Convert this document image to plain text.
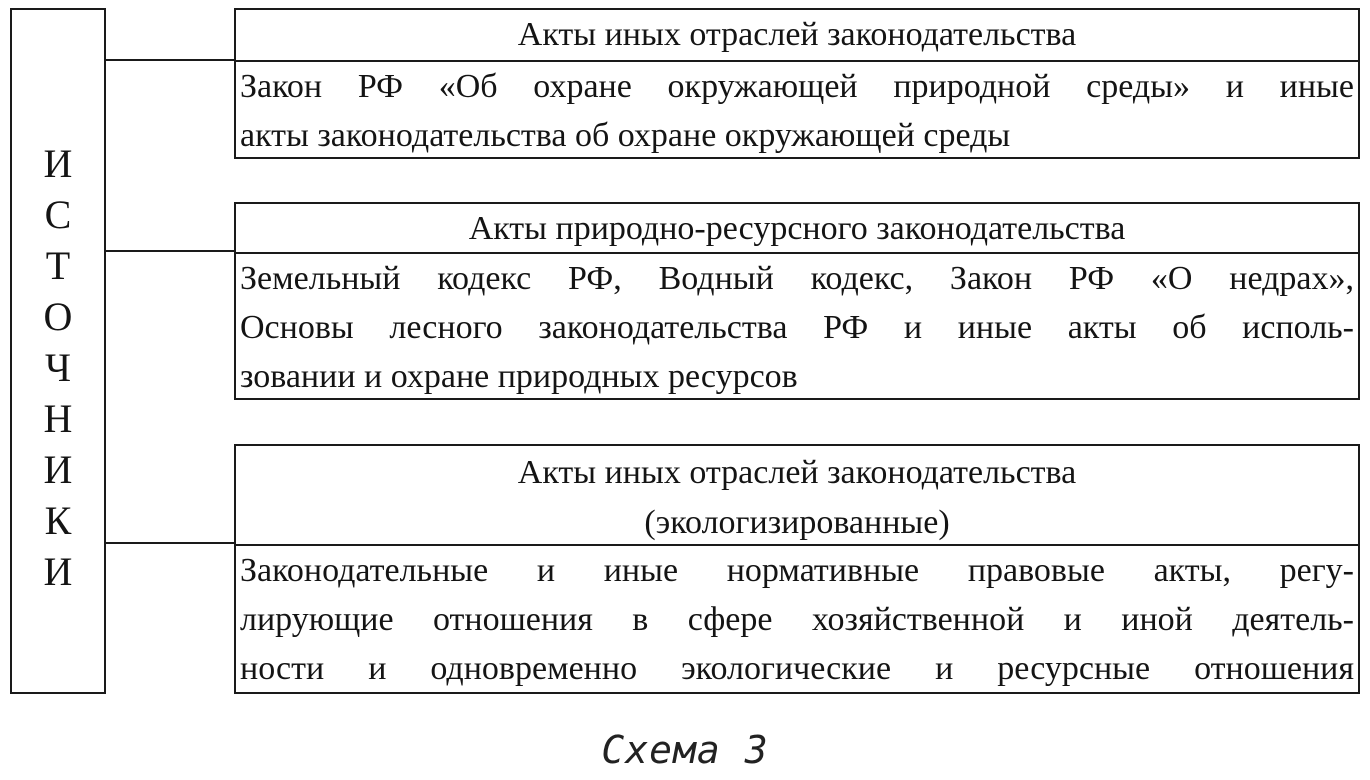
И
С
Т
О
Ч
Н
И
К
И
Акты иных отраслей законодательства

Закон РФ «Об охране окружающей природной среды» и иные

акты законодательства об охране окружающей среды

Акты природно-ресурсного законодательства

Земельный кодекс РФ, Водный кодекс, Закон РФ «О недрах»,

Основы лесного законодательства РФ и иные акты об исполь-

зовании и охране природных ресурсов

Акты иных отраслей законодательства
(экологизированные)

Законодательные и иные нормативные правовые акты, регу-

лирующие отношения в сфере хозяйственной и иной деятель-

ности и одновременно экологические и ресурсные отношения

Схема 3
